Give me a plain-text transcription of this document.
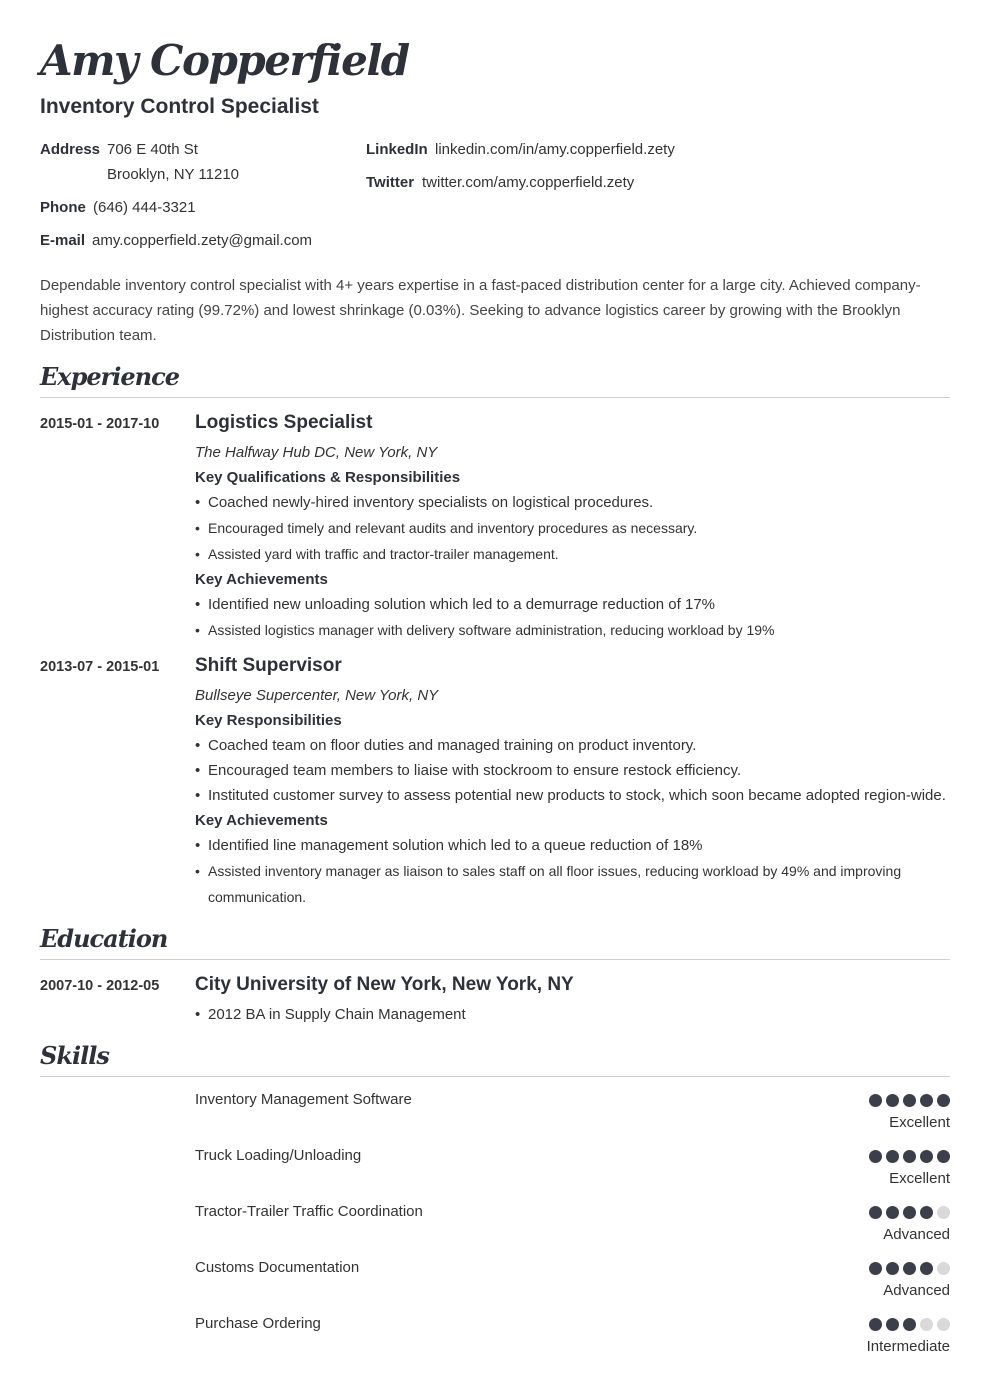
Amy Copperfield
Inventory Control Specialist
Address 706 E 40th St
Brooklyn, NY 11210
Phone (646) 444-3321
E-mail amy.copperfield.zety@gmail.com
LinkedIn linkedin.com/in/amy.copperfield.zety
Twitter twitter.com/amy.copperfield.zety
Dependable inventory control specialist with 4+ years expertise in a fast-paced distribution center for a large city. Achieved company-highest accuracy rating (99.72%) and lowest shrinkage (0.03%). Seeking to advance logistics career by growing with the Brooklyn Distribution team.
Experience
2015-01 - 2017-10 Logistics Specialist
The Halfway Hub DC, New York, NY
Key Qualifications & Responsibilities
• Coached newly-hired inventory specialists on logistical procedures.
• Encouraged timely and relevant audits and inventory procedures as necessary.
• Assisted yard with traffic and tractor-trailer management.
Key Achievements
• Identified new unloading solution which led to a demurrage reduction of 17%
• Assisted logistics manager with delivery software administration, reducing workload by 19%
2013-07 - 2015-01 Shift Supervisor
Bullseye Supercenter, New York, NY
Key Responsibilities
• Coached team on floor duties and managed training on product inventory.
• Encouraged team members to liaise with stockroom to ensure restock efficiency.
• Instituted customer survey to assess potential new products to stock, which soon became adopted region-wide.
Key Achievements
• Identified line management solution which led to a queue reduction of 18%
• Assisted inventory manager as liaison to sales staff on all floor issues, reducing workload by 49% and improving communication.
Education
2007-10 - 2012-05 City University of New York, New York, NY
• 2012 BA in Supply Chain Management
Skills
Inventory Management Software
Excellent
Truck Loading/Unloading
Excellent
Tractor-Trailer Traffic Coordination
Advanced
Customs Documentation
Advanced
Purchase Ordering
Intermediate
